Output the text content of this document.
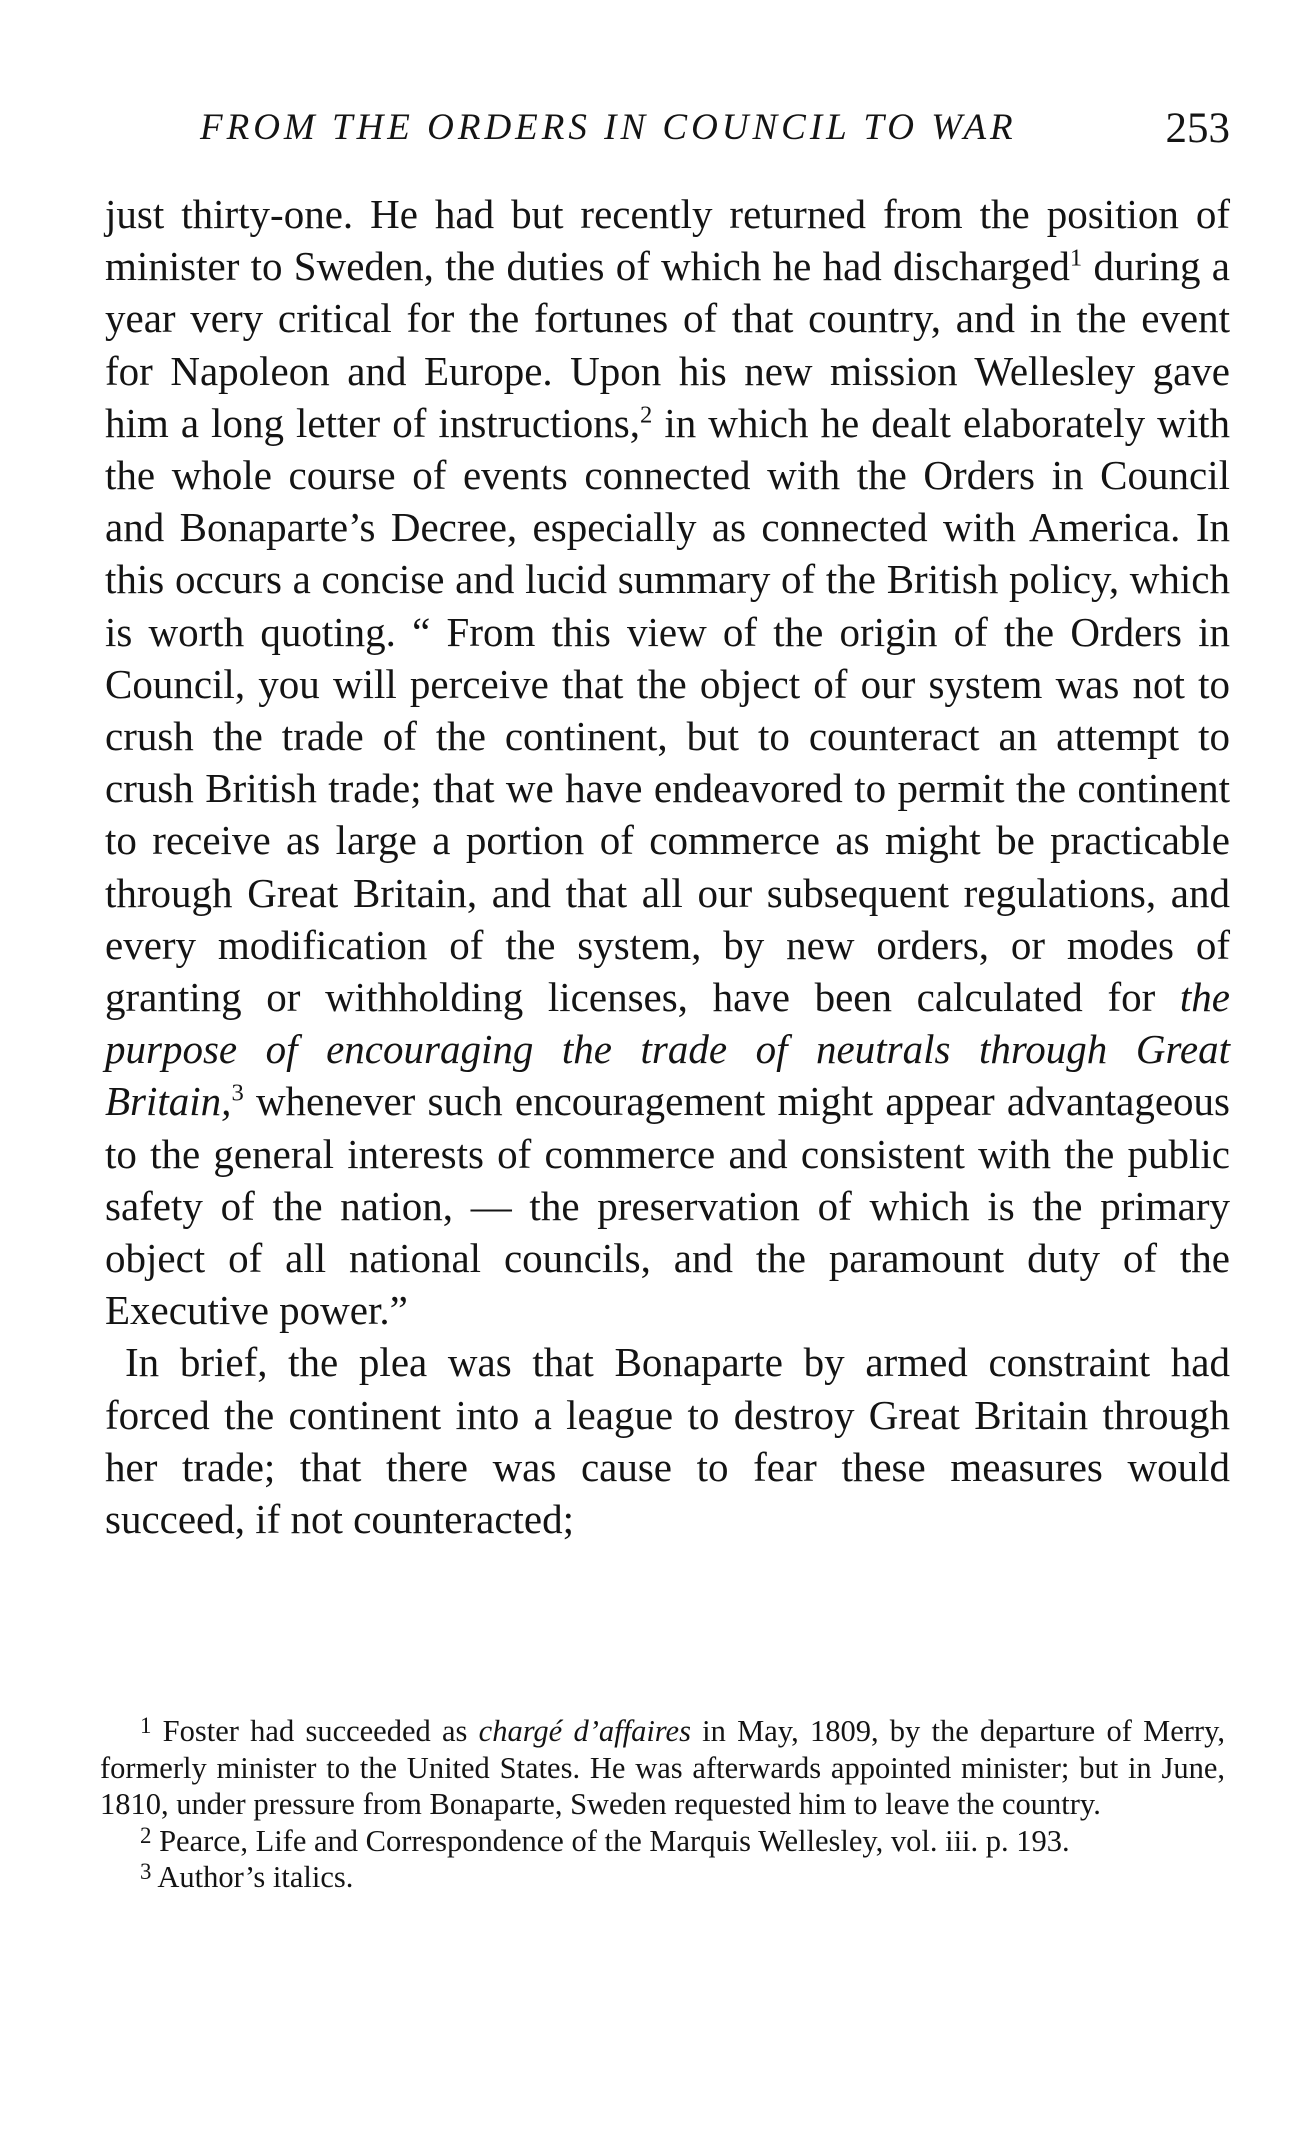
FROM THE ORDERS IN COUNCIL TO WAR	253

just thirty-one. He had but recently returned from the position of minister to Sweden, the duties of which he had discharged$^1$ during a year very critical for the fortunes of that country, and in the event for Napoleon and Europe. Upon his new mission Wellesley gave him a long letter of instructions,$^2$ in which he dealt elaborately with the whole course of events connected with the Orders in Council and Bonaparte’s Decree, especially as connected with America. In this occurs a concise and lucid summary of the British policy, which is worth quoting. “ From this view of the origin of the Orders in Council, you will perceive that the object of our system was not to crush the trade of the continent, but to counteract an attempt to crush British trade; that we have endeavored to permit the continent to receive as large a portion of commerce as might be practicable through Great Britain, and that all our subsequent regulations, and every modification of the system, by new orders, or modes of granting or withholding licenses, have been calculated for the purpose of encouraging the trade of neutrals through Great Britain,$^3$ whenever such encouragement might appear advantageous to the general interests of commerce and consistent with the public safety of the nation, — the preservation of which is the primary object of all national councils, and the paramount duty of the Executive power.”

In brief, the plea was that Bonaparte by armed constraint had forced the continent into a league to destroy Great Britain through her trade; that there was cause to fear these measures would succeed, if not counteracted;

$^1$ Foster had succeeded as chargé d’affaires in May, 1809, by the departure of Merry, formerly minister to the United States. He was afterwards appointed minister; but in June, 1810, under pressure from Bonaparte, Sweden requested him to leave the country.

$^2$ Pearce, Life and Correspondence of the Marquis Wellesley, vol. iii. p. 193.

$^3$ Author’s italics.
